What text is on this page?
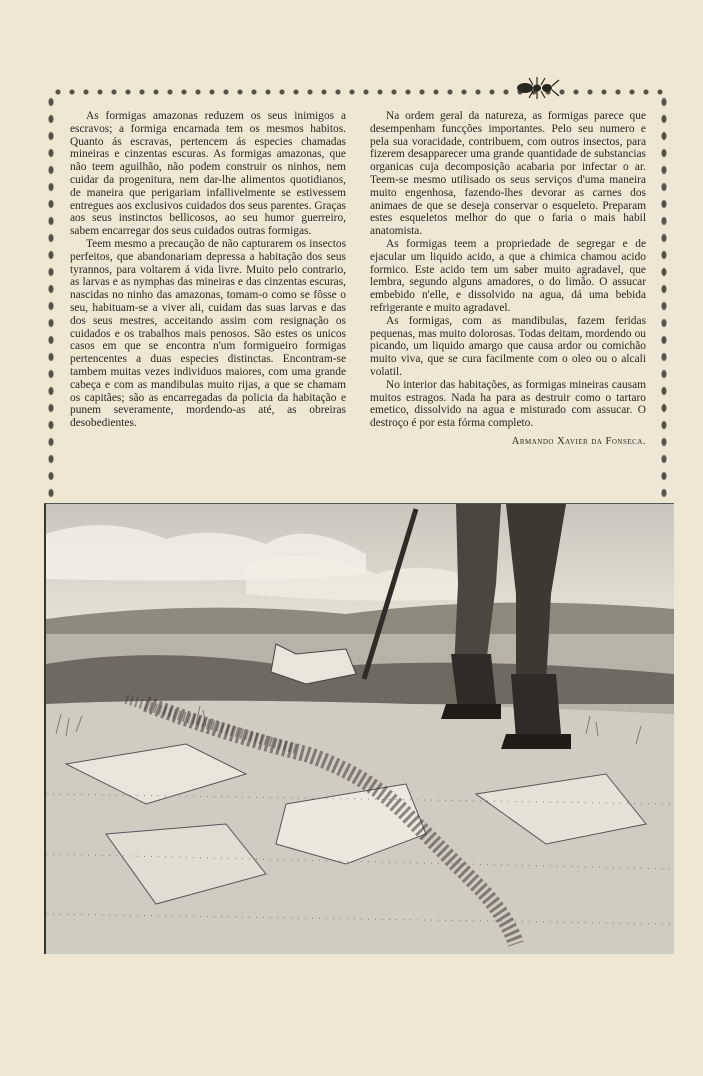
As formigas amazonas reduzem os seus inimigos a escravos; a formiga encarnada tem os mesmos habitos. Quanto ás escravas, pertencem ás especies chamadas mineiras e cinzentas escuras. As formigas amazonas, que não teem aguilhão, não podem construir os ninhos, nem cuidar da progenitura, nem dar-lhe alimentos quotidianos, de maneira que perigariam infallivelmente se estivessem entregues aos exclusivos cuidados dos seus parentes. Graças aos seus instinctos bellicosos, ao seu humor guerreiro, sabem encarregar dos seus cuidados outras formigas.

Teem mesmo a precaução de não capturarem os insectos perfeitos, que abandonariam depressa a habitação dos seus tyrannos, para voltarem á vida livre. Muito pelo contrario, as larvas e as nymphas das mineiras e das cinzentas escuras, nascidas no ninho das amazonas, tomam-o como se fôsse o seu, habituam-se a viver ali, cuidam das suas larvas e das dos seus mestres, acceitando assim com resignação os cuidados e os trabalhos mais penosos. São estes os unicos casos em que se encontra n'um formigueiro formigas pertencentes a duas especies distinctas. Encontram-se tambem muitas vezes individuos maiores, com uma grande cabeça e com as mandibulas muito rijas, a que se chamam os capitães; são as encarregadas da policia da habitação e punem severamente, mordendo-as até, as obreiras desobedientes.

Na ordem geral da natureza, as formigas parece que desempenham funcções importantes. Pelo seu numero e pela sua voracidade, contribuem, com outros insectos, para fizerem desapparecer uma grande quantidade de substancias organicas cuja decomposição acabaria por infectar o ar. Teem-se mesmo utilisado os seus serviços d'uma maneira muito engenhosa, fazendo-lhes devorar as carnes dos animaes de que se deseja conservar o esqueleto. Preparam estes esqueletos melhor do que o faria o mais habil anatomista.

As formigas teem a propriedade de segregar e de ejacular um liquido acido, a que a chimica chamou acido formico. Este acido tem um saber muito agradavel, que lembra, segundo alguns amadores, o do limão. O assucar embebido n'elle, e dissolvido na agua, dá uma bebida refrigerante e muito agradavel.

As formigas, com as mandibulas, fazem feridas pequenas, mas muito dolorosas. Todas deitam, mordendo ou picando, um liquido amargo que causa ardor ou comichão muito viva, que se cura facilmente com o oleo ou o alcali volatil.

No interior das habitações, as formigas mineiras causam muitos estragos. Nada ha para as destruir como o tartaro emetico, dissolvido na agua e misturado com assucar. O destroço é por esta fórma completo.

Armando Xavier da Fonseca.
